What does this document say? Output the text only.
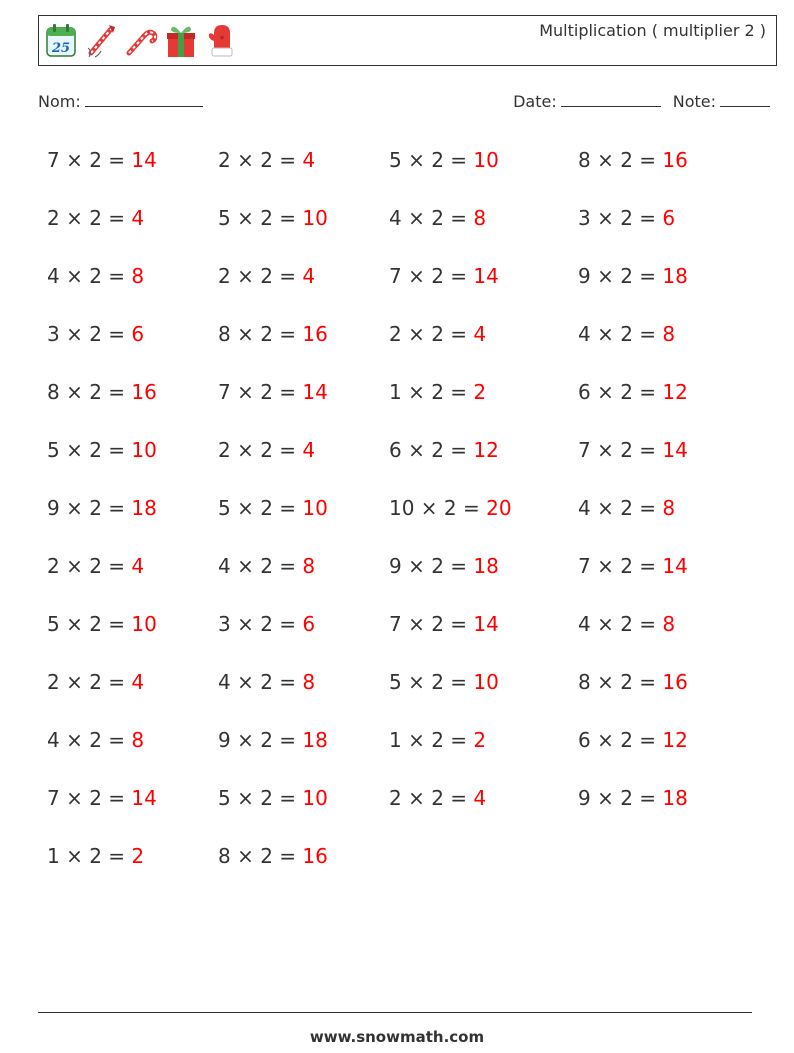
25
*	Multiplication ( multiplier 2 )
Nom:	Date:	Note:
7 × 2 = 14	2 × 2 = 4	5 × 2 = 10	8 × 2 = 16
2 × 2 = 4	5 × 2 = 10	4 × 2 = 8	3 × 2 = 6
4 × 2 = 8	2 × 2 = 4	7 × 2 = 14	9 × 2 = 18
3 × 2 = 6	8 × 2 = 16	2 × 2 = 4	4 × 2 = 8
8 × 2 = 16	7 × 2 = 14	1 × 2 = 2	6 × 2 = 12
5 × 2 = 10	2 × 2 = 4	6 × 2 = 12	7 × 2 = 14
9 × 2 = 18	5 × 2 = 10	10 × 2 = 20	4 × 2 = 8
2 × 2 = 4	4 × 2 = 8	9 × 2 = 18	7 × 2 = 14
5 × 2 = 10	3 × 2 = 6	7 × 2 = 14	4 × 2 = 8
2 × 2 = 4	4 × 2 = 8	5 × 2 = 10	8 × 2 = 16
4 × 2 = 8	9 × 2 = 18	1 × 2 = 2	6 × 2 = 12
7 × 2 = 14	5 × 2 = 10	2 × 2 = 4	9 × 2 = 18
1 × 2 = 2	8 × 2 = 16
www.snowmath.com
